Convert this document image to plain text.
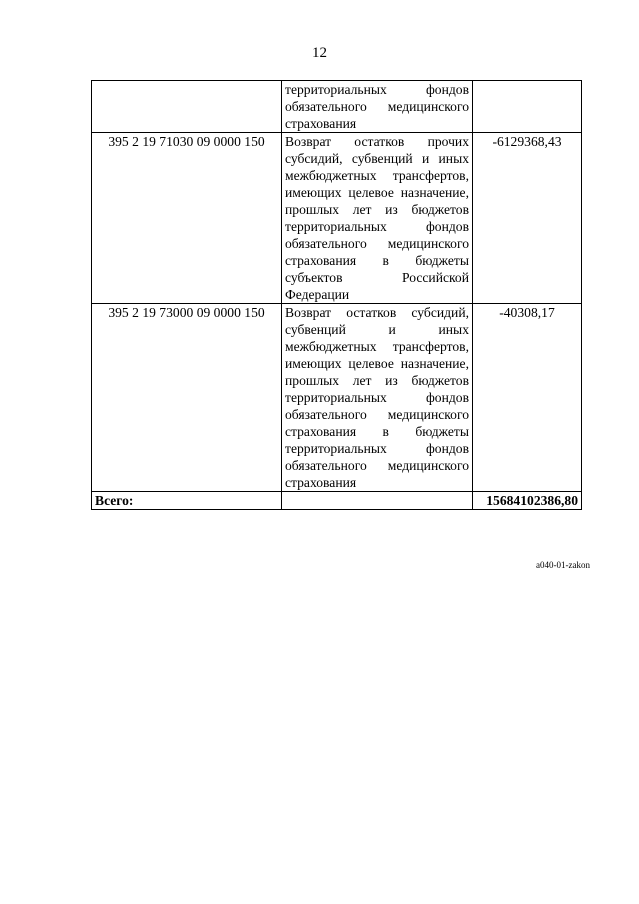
12
	территориальных фондов обязательного медицинского страхования	
395 2 19 71030 09 0000 150	Возврат остатков прочих субсидий, субвенций и иных межбюджетных трансфертов, имеющих целевое назначение, прошлых лет из бюджетов территориальных фондов обязательного медицинского страхования в бюджеты субъектов Российской Федерации	-6129368,43
395 2 19 73000 09 0000 150	Возврат остатков субсидий, субвенций и иных межбюджетных трансфертов, имеющих целевое назначение, прошлых лет из бюджетов территориальных фондов обязательного медицинского страхования в бюджеты территориальных фондов обязательного медицинского страхования	-40308,17
Всего:		15684102386,80
a040-01-zakon
